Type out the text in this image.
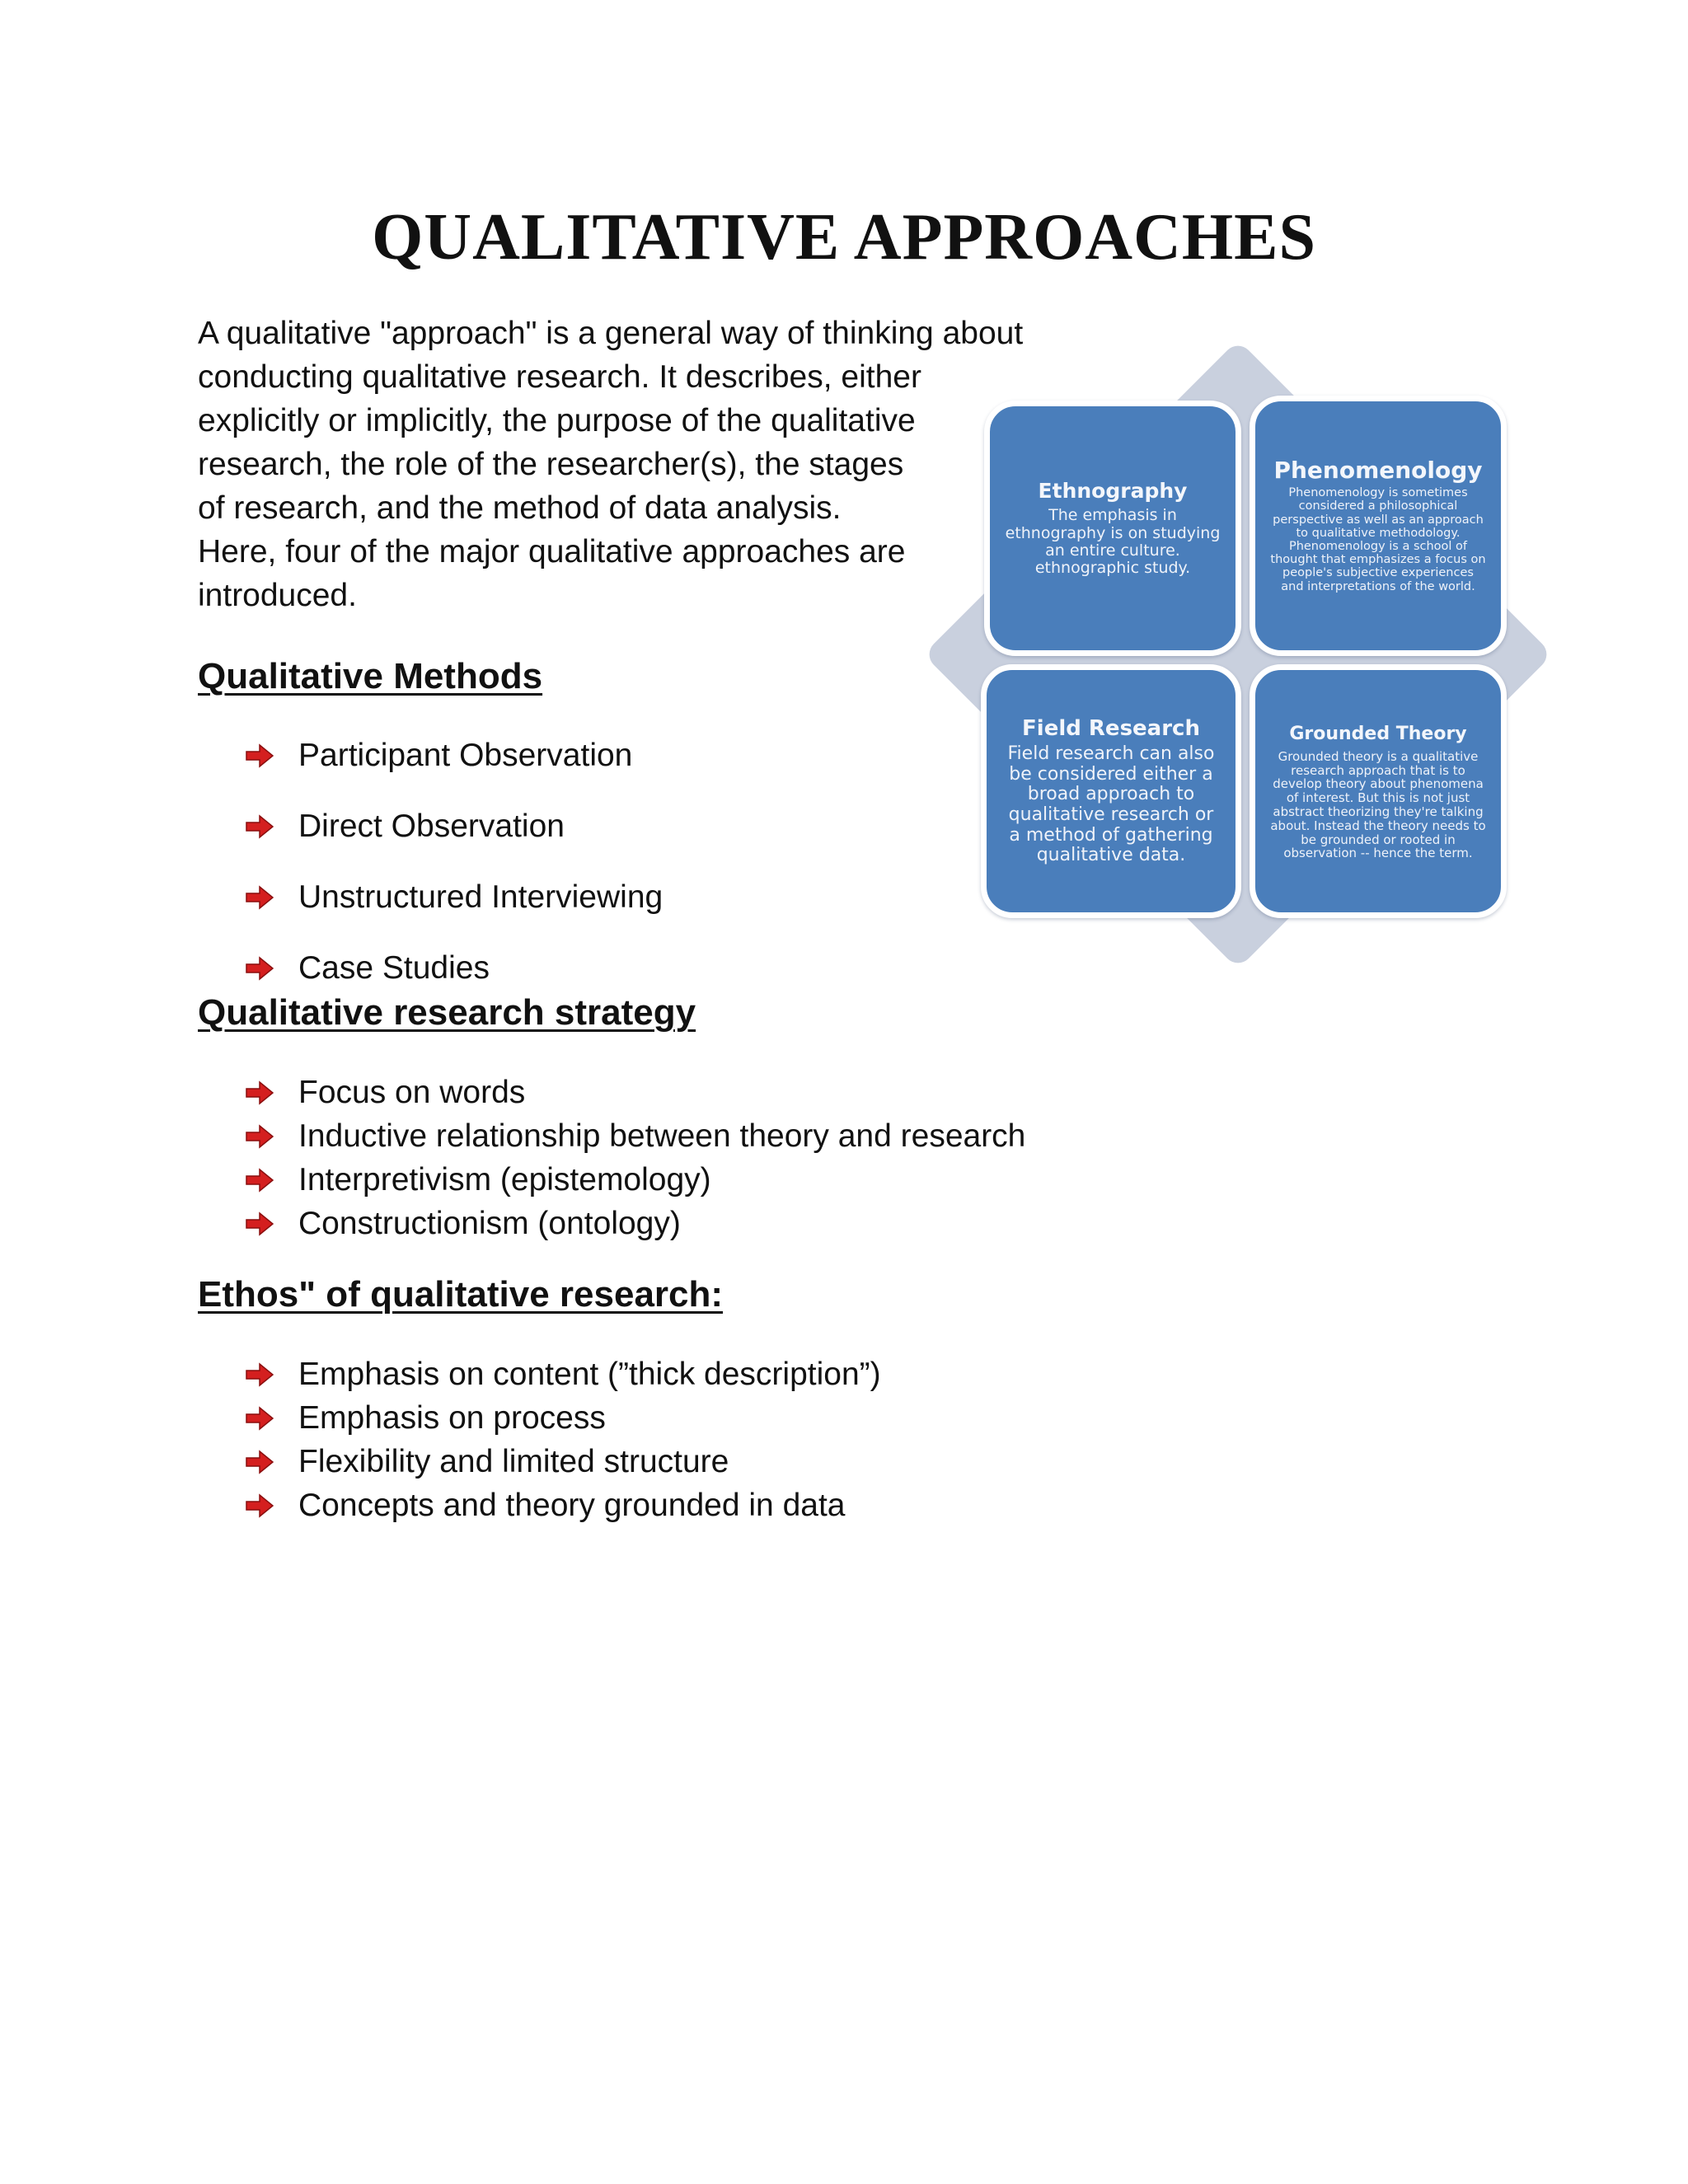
QUALITATIVE APPROACHES

A qualitative "approach" is a general way of thinking about
conducting qualitative research. It describes, either
explicitly or implicitly, the purpose of the qualitative
research, the role of the researcher(s), the stages
of research, and the method of data analysis.
Here, four of the major qualitative approaches are
introduced.

Qualitative Methods
Participant Observation
Direct Observation
Unstructured Interviewing
Case Studies
Qualitative research strategy
Focus on words
Inductive relationship between theory and research
Interpretivism (epistemology)
Constructionism (ontology)
Ethos" of qualitative research:
Emphasis on content (”thick description”)
Emphasis on process
Flexibility and limited structure
Concepts and theory grounded in data

Ethnography

The emphasis in ethnography is on studying an entire culture. ethnographic study.

Phenomenology

Phenomenology is sometimes considered a philosophical perspective as well as an approach to qualitative methodology. Phenomenology is a school of thought that emphasizes a focus on people's subjective experiences and interpretations of the world.

Field Research

Field research can also be considered either a broad approach to qualitative research or a method of gathering qualitative data.

Grounded Theory

Grounded theory is a qualitative research approach that is to develop theory about phenomena of interest. But this is not just abstract theorizing they're talking about. Instead the theory needs to be grounded or rooted in observation -- hence the term.
